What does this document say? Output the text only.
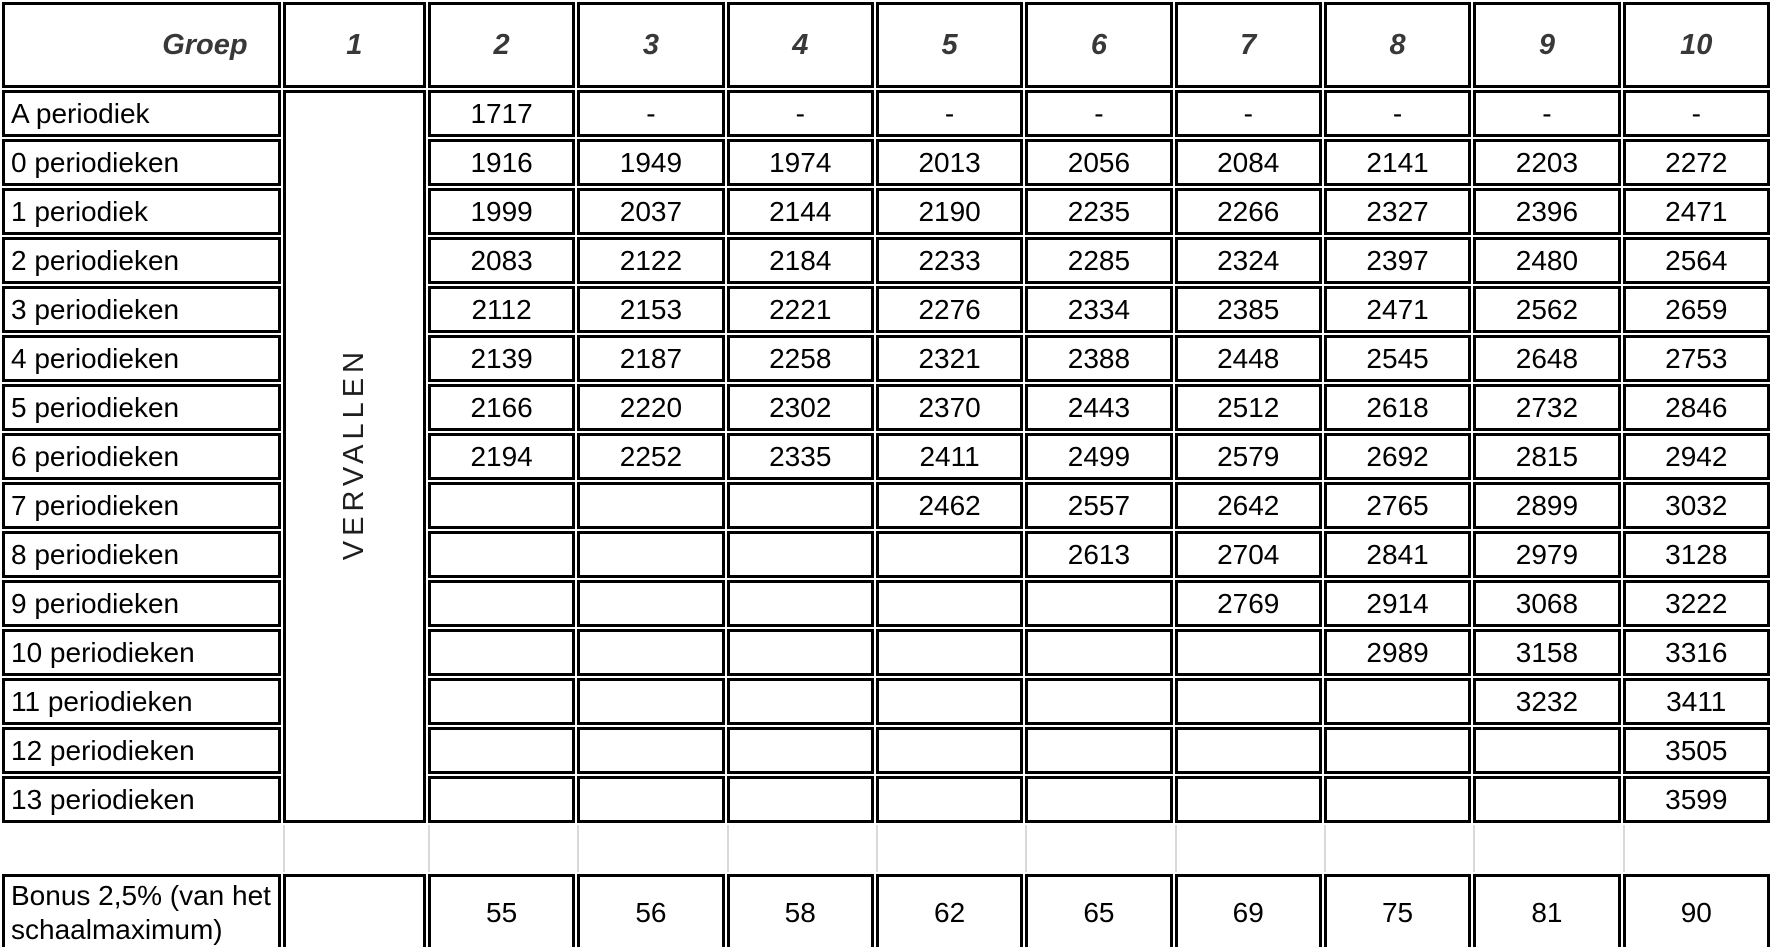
Groep	1	2	3	4	5	6	7	8	9	10
A periodiek	VERVALLEN	1717	-	-	-	-	-	-	-	-
0 periodieken		1916	1949	1974	2013	2056	2084	2141	2203	2272
1 periodiek		1999	2037	2144	2190	2235	2266	2327	2396	2471
2 periodieken		2083	2122	2184	2233	2285	2324	2397	2480	2564
3 periodieken		2112	2153	2221	2276	2334	2385	2471	2562	2659
4 periodieken		2139	2187	2258	2321	2388	2448	2545	2648	2753
5 periodieken		2166	2220	2302	2370	2443	2512	2618	2732	2846
6 periodieken		2194	2252	2335	2411	2499	2579	2692	2815	2942
7 periodieken					2462	2557	2642	2765	2899	3032
8 periodieken						2613	2704	2841	2979	3128
9 periodieken							2769	2914	3068	3222
10 periodieken								2989	3158	3316
11 periodieken									3232	3411
12 periodieken										3505
13 periodieken										3599

Bonus 2,5% (van het schaalmaximum)		55	56	58	62	65	69	75	81	90
